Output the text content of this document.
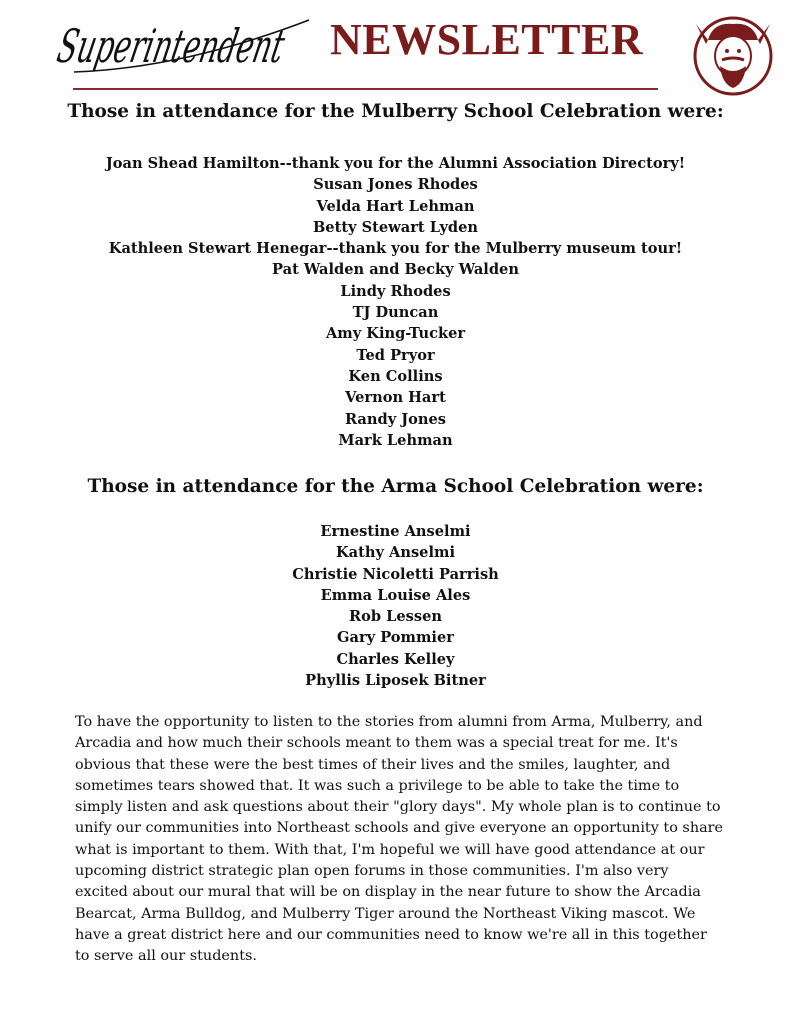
Superintendent
NEWSLETTER
Those in attendance for the Mulberry School Celebration were:
Joan Shead Hamilton--thank you for the Alumni Association Directory!
Susan Jones Rhodes
Velda Hart Lehman
Betty Stewart Lyden
Kathleen Stewart Henegar--thank you for the Mulberry museum tour!
Pat Walden and Becky Walden
Lindy Rhodes
TJ Duncan
Amy King-Tucker
Ted Pryor
Ken Collins
Vernon Hart
Randy Jones
Mark Lehman
Those in attendance for the Arma School Celebration were:
Ernestine Anselmi
Kathy Anselmi
Christie Nicoletti Parrish
Emma Louise Ales
Rob Lessen
Gary Pommier
Charles Kelley
Phyllis Liposek Bitner

To have the opportunity to listen to the stories from alumni from Arma, Mulberry, and Arcadia and how much their schools meant to them was a special treat for me. It's obvious that these were the best times of their lives and the smiles, laughter, and sometimes tears showed that. It was such a privilege to be able to take the time to simply listen and ask questions about their "glory days". My whole plan is to continue to unify our communities into Northeast schools and give everyone an opportunity to share what is important to them. With that, I'm hopeful we will have good attendance at our upcoming district strategic plan open forums in those communities. I'm also very excited about our mural that will be on display in the near future to show the Arcadia Bearcat, Arma Bulldog, and Mulberry Tiger around the Northeast Viking mascot. We have a great district here and our communities need to know we're all in this together to serve all our students.
